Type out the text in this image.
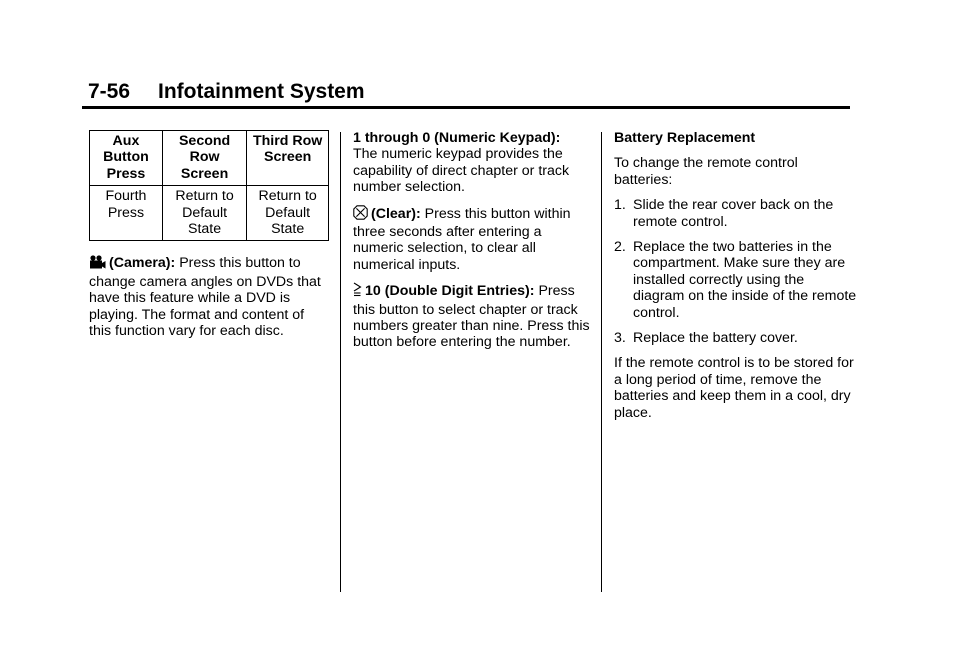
7-56 Infotainment System
Aux Button Press	Second Row Screen	Third Row Screen
Fourth Press	Return to Default State	Return to Default State

(Camera): Press this button to change camera angles on DVDs that have this feature while a DVD is playing. The format and content of this function vary for each disc.

1 through 0 (Numeric Keypad):
The numeric keypad provides the capability of direct chapter or track number selection.

(Clear): Press this button within three seconds after entering a numeric selection, to clear all numerical inputs.

10 (Double Digit Entries): Press this button to select chapter or track numbers greater than nine. Press this button before entering the number.

Battery Replacement

To change the remote control batteries:

1. Slide the rear cover back on the remote control.
2. Replace the two batteries in the compartment. Make sure they are installed correctly using the diagram on the inside of the remote control.
3. Replace the battery cover.

If the remote control is to be stored for a long period of time, remove the batteries and keep them in a cool, dry place.
